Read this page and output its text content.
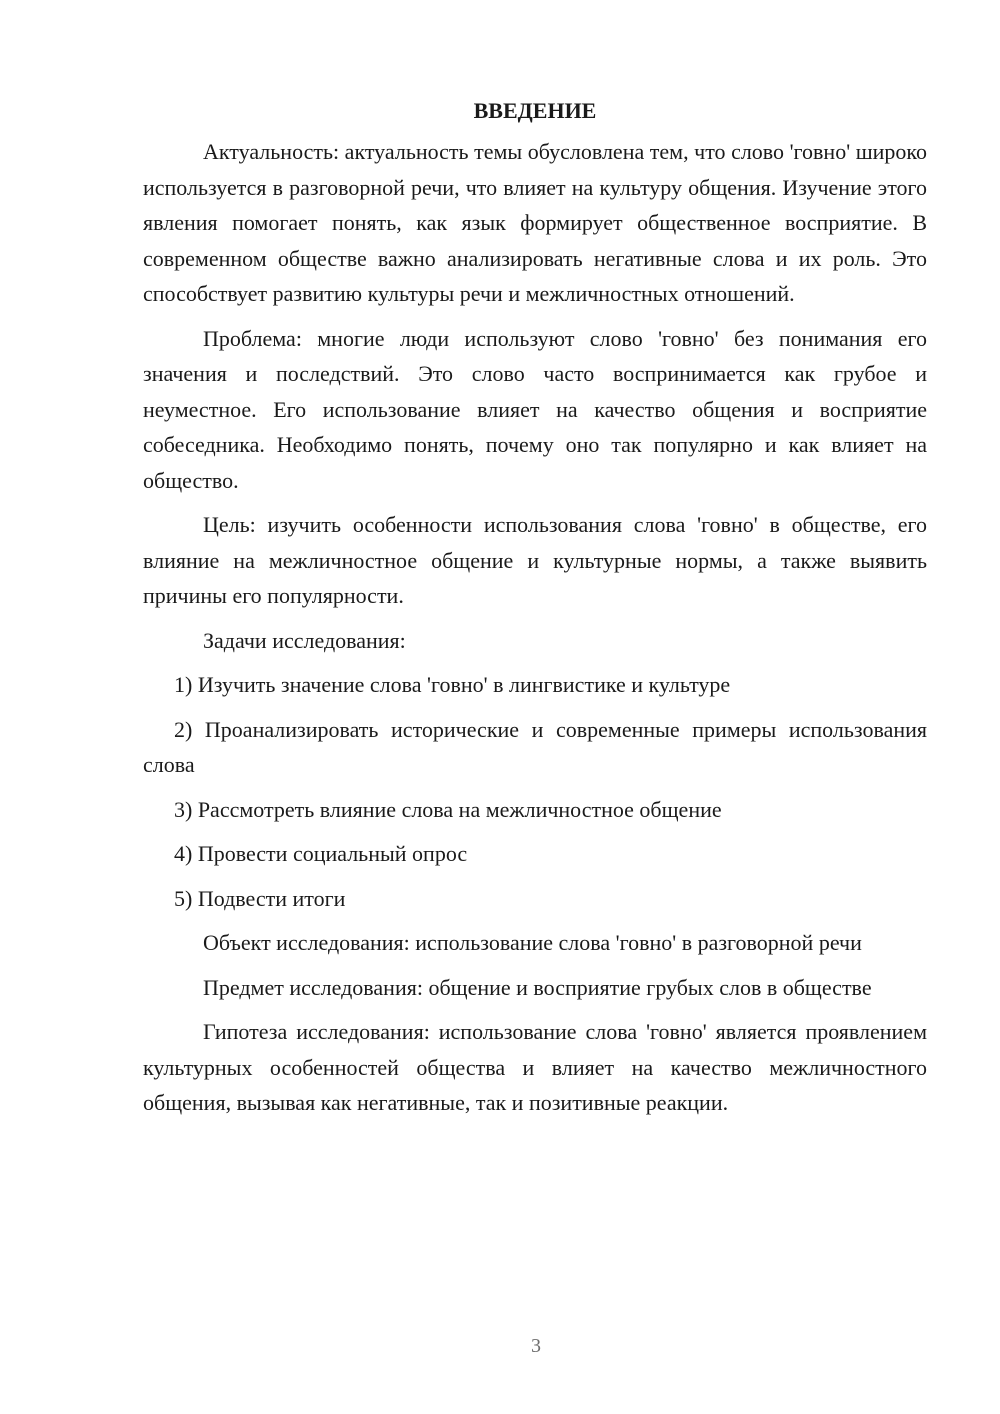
ВВЕДЕНИЕ

Актуальность: актуальность темы обусловлена тем, что слово 'говно' широко используется в разговорной речи, что влияет на культуру общения. Изучение этого явления помогает понять, как язык формирует общественное восприятие. В современном обществе важно анализировать негативные слова и их роль. Это способствует развитию культуры речи и межличностных отношений.

Проблема: многие люди используют слово 'говно' без понимания его значения и последствий. Это слово часто воспринимается как грубое и неуместное. Его использование влияет на качество общения и восприятие собеседника. Необходимо понять, почему оно так популярно и как влияет на общество.

Цель: изучить особенности использования слова 'говно' в обществе, его влияние на межличностное общение и культурные нормы, а также выявить причины его популярности.

Задачи исследования:

1) Изучить значение слова 'говно' в лингвистике и культуре

2) Проанализировать исторические и современные примеры использования слова

3) Рассмотреть влияние слова на межличностное общение

4) Провести социальный опрос

5) Подвести итоги

Объект исследования: использование слова 'говно' в разговорной речи

Предмет исследования: общение и восприятие грубых слов в обществе

Гипотеза исследования: использование слова 'говно' является проявлением культурных особенностей общества и влияет на качество межличностного общения, вызывая как негативные, так и позитивные реакции.

3
